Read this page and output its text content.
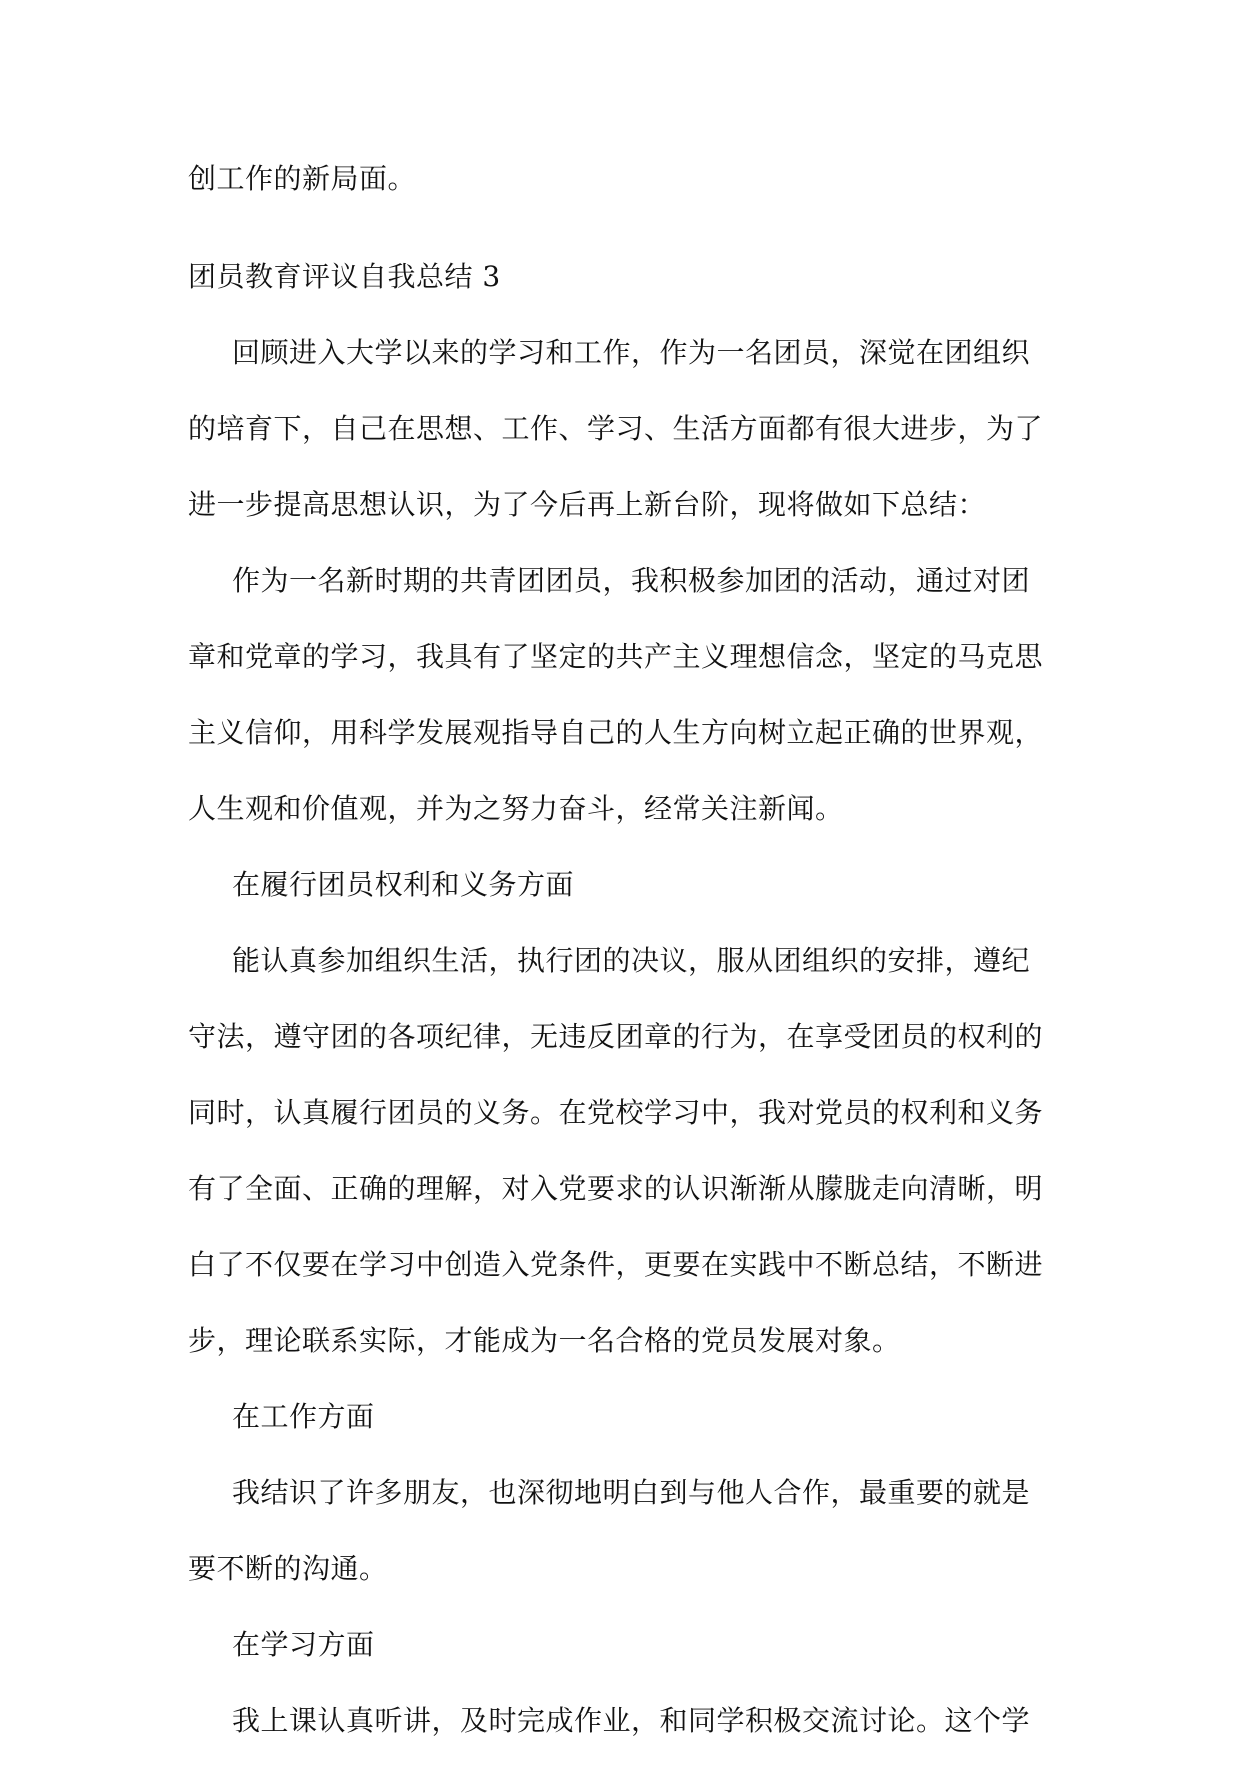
创工作的新局面。
团员教育评议自我总结 3
回顾进入大学以来的学习和工作，作为一名团员，深觉在团组织
的培育下，自己在思想、工作、学习、生活方面都有很大进步，为了
进一步提高思想认识，为了今后再上新台阶，现将做如下总结：
作为一名新时期的共青团团员，我积极参加团的活动，通过对团
章和党章的学习，我具有了坚定的共产主义理想信念，坚定的马克思
主义信仰，用科学发展观指导自己的人生方向树立起正确的世界观，
人生观和价值观，并为之努力奋斗，经常关注新闻。
在履行团员权利和义务方面
能认真参加组织生活，执行团的决议，服从团组织的安排，遵纪
守法，遵守团的各项纪律，无违反团章的行为，在享受团员的权利的
同时，认真履行团员的义务。在党校学习中，我对党员的权利和义务
有了全面、正确的理解，对入党要求的认识渐渐从朦胧走向清晰，明
白了不仅要在学习中创造入党条件，更要在实践中不断总结，不断进
步，理论联系实际，才能成为一名合格的党员发展对象。
在工作方面
我结识了许多朋友，也深彻地明白到与他人合作，最重要的就是
要不断的沟通。
在学习方面
我上课认真听讲，及时完成作业，和同学积极交流讨论。这个学
